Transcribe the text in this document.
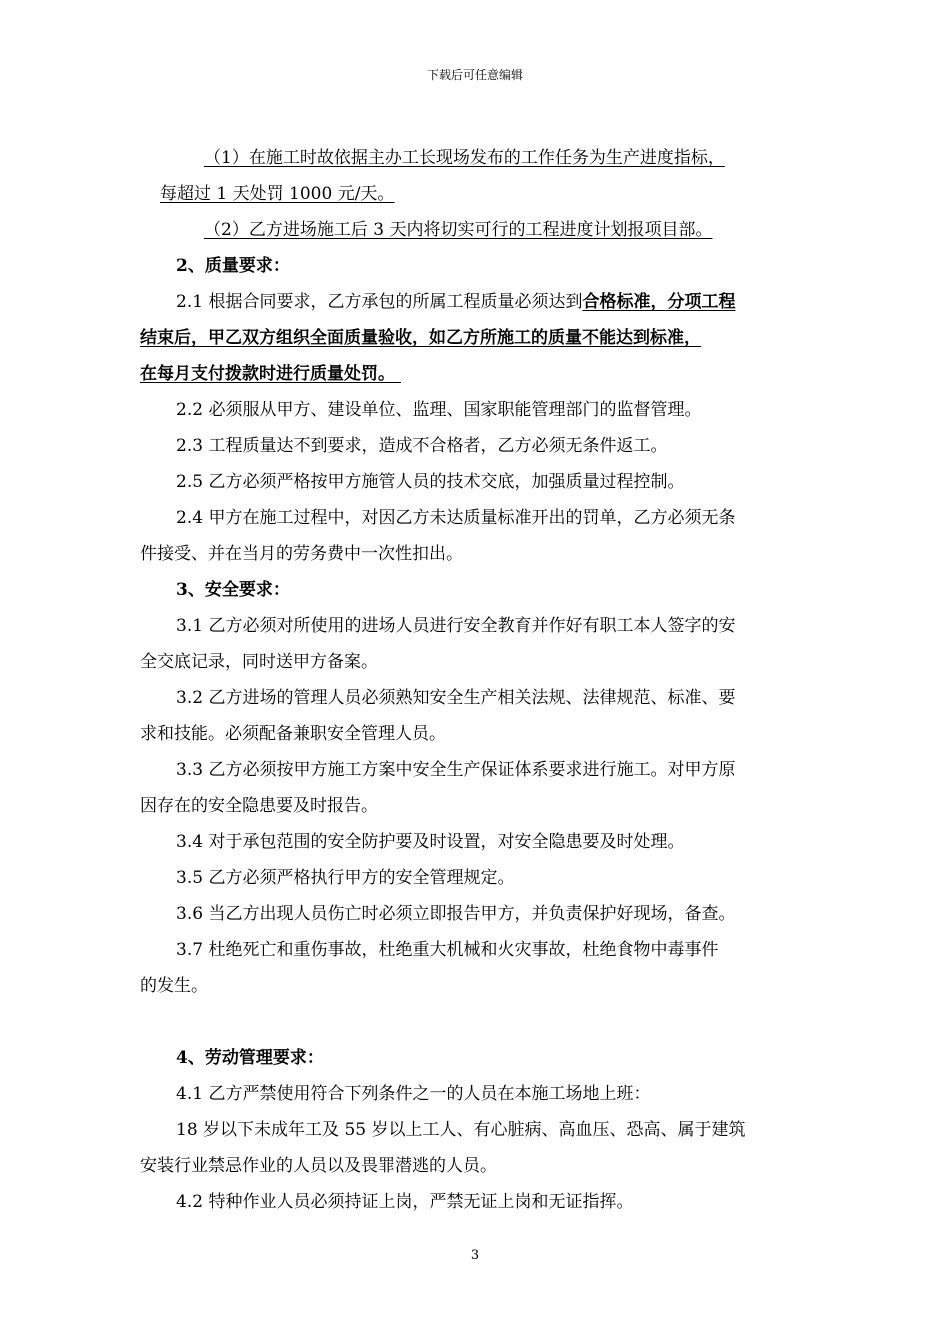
下载后可任意编辑

（1）在施工时故依据主办工长现场发布的工作任务为生产进度指标，

每超过 1 天处罚 1000 元/天。

（2）乙方进场施工后 3 天内将切实可行的工程进度计划报项目部。

2、质量要求：

2.1 根据合同要求，乙方承包的所属工程质量必须达到合格标准，分项工程

结束后，甲乙双方组织全面质量验收，如乙方所施工的质量不能达到标准，

在每月支付拨款时进行质量处罚。

2.2 必须服从甲方、建设单位、监理、国家职能管理部门的监督管理。

2.3 工程质量达不到要求，造成不合格者，乙方必须无条件返工。

2.5 乙方必须严格按甲方施管人员的技术交底，加强质量过程控制。

2.4 甲方在施工过程中，对因乙方未达质量标准开出的罚单，乙方必须无条

件接受、并在当月的劳务费中一次性扣出。

3、安全要求：

3.1 乙方必须对所使用的进场人员进行安全教育并作好有职工本人签字的安

全交底记录，同时送甲方备案。

3.2 乙方进场的管理人员必须熟知安全生产相关法规、法律规范、标准、要

求和技能。必须配备兼职安全管理人员。

3.3 乙方必须按甲方施工方案中安全生产保证体系要求进行施工。对甲方原

因存在的安全隐患要及时报告。

3.4 对于承包范围的安全防护要及时设置，对安全隐患要及时处理。

3.5 乙方必须严格执行甲方的安全管理规定。

3.6 当乙方出现人员伤亡时必须立即报告甲方，并负责保护好现场，备查。

3.7 杜绝死亡和重伤事故，杜绝重大机械和火灾事故，杜绝食物中毒事件

的发生。

4、劳动管理要求：

4.1 乙方严禁使用符合下列条件之一的人员在本施工场地上班：

18 岁以下未成年工及 55 岁以上工人、有心脏病、高血压、恐高、属于建筑

安装行业禁忌作业的人员以及畏罪潜逃的人员。

4.2 特种作业人员必须持证上岗，严禁无证上岗和无证指挥。

3
